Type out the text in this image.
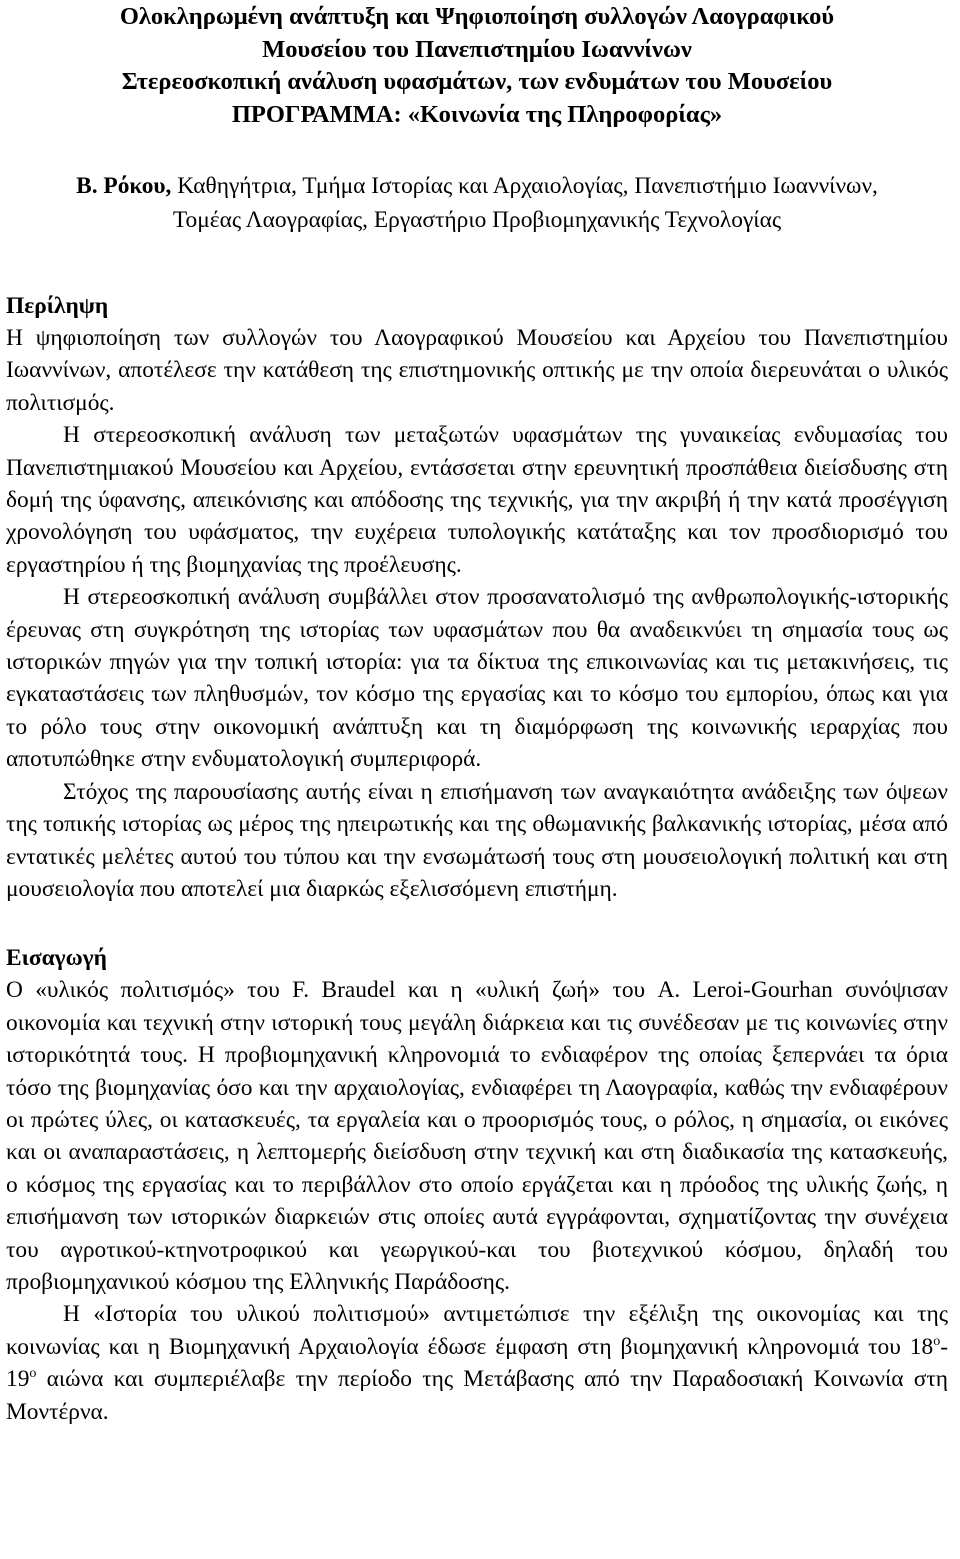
Ολοκληρωμένη ανάπτυξη και Ψηφιοποίηση συλλογών Λαογραφικού
Μουσείου του Πανεπιστημίου Ιωαννίνων
Στερεοσκοπική ανάλυση υφασμάτων, των ενδυμάτων του Μουσείου
ΠΡΟΓΡΑΜΜΑ: «Κοινωνία της Πληροφορίας»
Β. Ρόκου, Καθηγήτρια, Τμήμα Ιστορίας και Αρχαιολογίας, Πανεπιστήμιο Ιωαννίνων,
Τομέας Λαογραφίας, Εργαστήριο Προβιομηχανικής Τεχνολογίας
Περίληψη

Η ψηφιοποίηση των συλλογών του Λαογραφικού Μουσείου και Αρχείου του Πανεπιστημίου Ιωαννίνων, αποτέλεσε την κατάθεση της επιστημονικής οπτικής με την οποία διερευνάται ο υλικός πολιτισμός.

Η στερεοσκοπική ανάλυση των μεταξωτών υφασμάτων της γυναικείας ενδυμασίας του Πανεπιστημιακού Μουσείου και Αρχείου, εντάσσεται στην ερευνητική προσπάθεια διείσδυσης στη δομή της ύφανσης, απεικόνισης και απόδοσης της τεχνικής, για την ακριβή ή την κατά προσέγγιση χρονολόγηση του υφάσματος, την ευχέρεια τυπολογικής κατάταξης και τον προσδιορισμό του εργαστηρίου ή της βιομηχανίας της προέλευσης.

Η στερεοσκοπική ανάλυση συμβάλλει στον προσανατολισμό της ανθρωπολογικής-ιστορικής έρευνας στη συγκρότηση της ιστορίας των υφασμάτων που θα αναδεικνύει τη σημασία τους ως ιστορικών πηγών για την τοπική ιστορία: για τα δίκτυα της επικοινωνίας και τις μετακινήσεις, τις εγκαταστάσεις των πληθυσμών, τον κόσμο της εργασίας και το κόσμο του εμπορίου, όπως και για το ρόλο τους στην οικονομική ανάπτυξη και τη διαμόρφωση της κοινωνικής ιεραρχίας που αποτυπώθηκε στην ενδυματολογική συμπεριφορά.

Στόχος της παρουσίασης αυτής είναι η επισήμανση των αναγκαιότητα ανάδειξης των όψεων της τοπικής ιστορίας ως μέρος της ηπειρωτικής και της οθωμανικής βαλκανικής ιστορίας, μέσα από εντατικές μελέτες αυτού του τύπου και την ενσωμάτωσή τους στη μουσειολογική πολιτική και στη μουσειολογία που αποτελεί μια διαρκώς εξελισσόμενη επιστήμη.

Εισαγωγή

Ο «υλικός πολιτισμός» του F. Braudel και η «υλική ζωή» του A. Leroi-Gourhan συνόψισαν οικονομία και τεχνική στην ιστορική τους μεγάλη διάρκεια και τις συνέδεσαν με τις κοινωνίες στην ιστορικότητά τους. Η προβιομηχανική κληρονομιά το ενδιαφέρον της οποίας ξεπερνάει τα όρια τόσο της βιομηχανίας όσο και την αρχαιολογίας, ενδιαφέρει τη Λαογραφία, καθώς την ενδιαφέρουν οι πρώτες ύλες, οι κατασκευές, τα εργαλεία και ο προορισμός τους, ο ρόλος, η σημασία, οι εικόνες και οι αναπαραστάσεις, η λεπτομερής διείσδυση στην τεχνική και στη διαδικασία της κατασκευής, ο κόσμος της εργασίας και το περιβάλλον στο οποίο εργάζεται και η πρόοδος της υλικής ζωής, η επισήμανση των ιστορικών διαρκειών στις οποίες αυτά εγγράφονται, σχηματίζοντας την συνέχεια του αγροτικού-κτηνοτροφικού και γεωργικού-και του βιοτεχνικού κόσμου, δηλαδή του προβιομηχανικού κόσμου της Ελληνικής Παράδοσης.

Η «Ιστορία του υλικού πολιτισμού» αντιμετώπισε την εξέλιξη της οικονομίας και της κοινωνίας και η Βιομηχανική Αρχαιολογία έδωσε έμφαση στη βιομηχανική κληρονομιά του $18^o-$ $19^o$ αιώνα και συμπεριέλαβε την περίοδο της Μετάβασης από την Παραδοσιακή Κοινωνία στη Μοντέρνα.
